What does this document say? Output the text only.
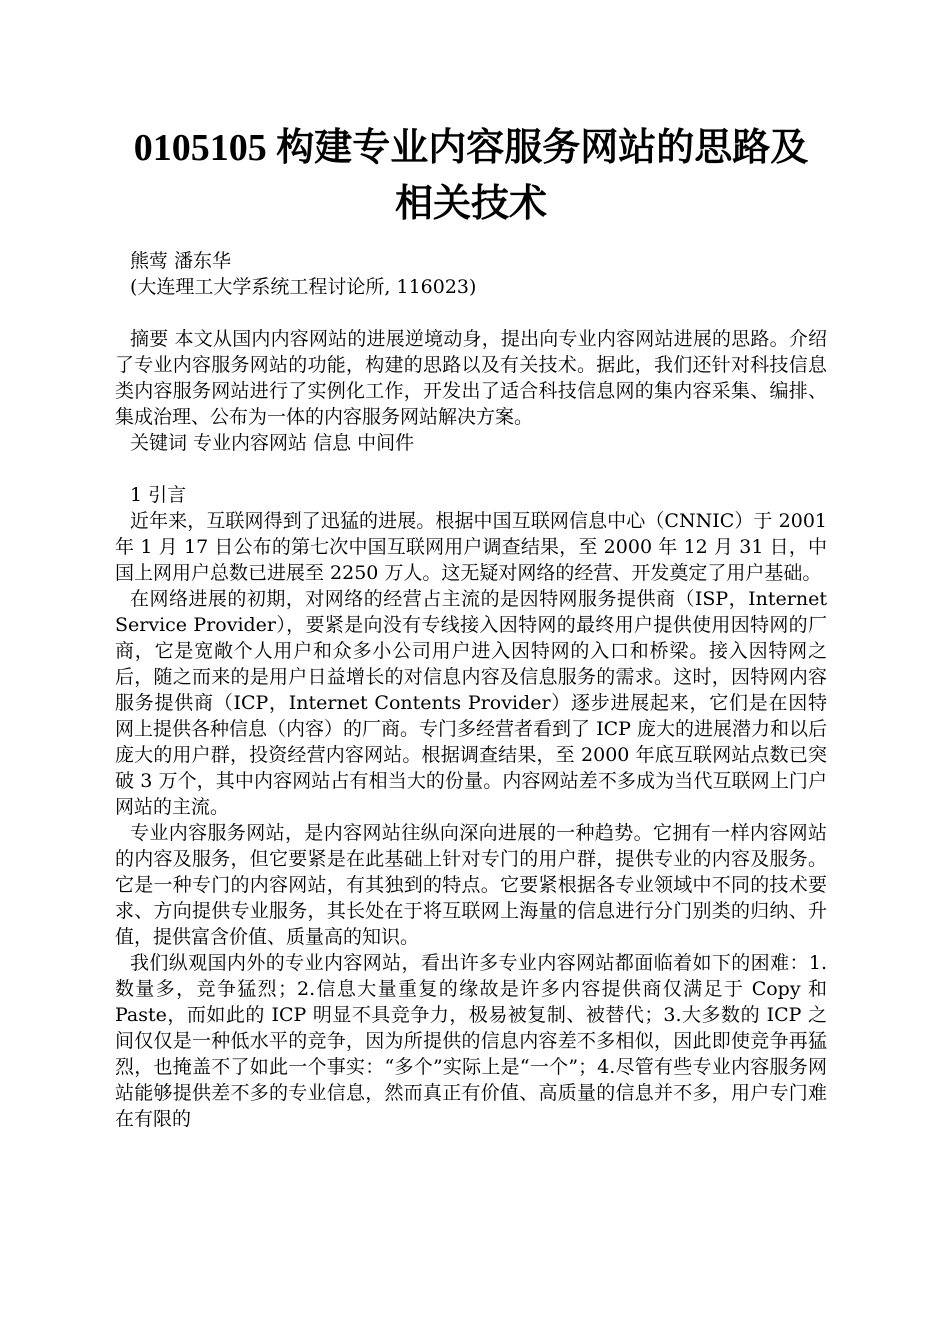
0105105 构建专业内容服务网站的思路及相关技术

熊莺 潘东华

(大连理工大学系统工程讨论所, 116023)

摘要 本文从国内内容网站的进展逆境动身，提出向专业内容网站进展的思路。介绍了专业内容服务网站的功能，构建的思路以及有关技术。据此，我们还针对科技信息类内容服务网站进行了实例化工作，开发出了适合科技信息网的集内容采集、编排、集成治理、公布为一体的内容服务网站解决方案。

关键词 专业内容网站 信息 中间件

1 引言

近年来，互联网得到了迅猛的进展。根据中国互联网信息中心（CNNIC）于 2001 年 1 月 17 日公布的第七次中国互联网用户调查结果，至 2000 年 12 月 31 日，中国上网用户总数已进展至 2250 万人。这无疑对网络的经营、开发奠定了用户基础。

在网络进展的初期，对网络的经营占主流的是因特网服务提供商（ISP，Internet Service Provider），要紧是向没有专线接入因特网的最终用户提供使用因特网的厂商，它是宽敞个人用户和众多小公司用户进入因特网的入口和桥梁。接入因特网之后，随之而来的是用户日益增长的对信息内容及信息服务的需求。这时，因特网内容服务提供商（ICP，Internet Contents Provider）逐步进展起来，它们是在因特网上提供各种信息（内容）的厂商。专门多经营者看到了 ICP 庞大的进展潜力和以后庞大的用户群，投资经营内容网站。根据调查结果，至 2000 年底互联网站点数已突破 3 万个，其中内容网站占有相当大的份量。内容网站差不多成为当代互联网上门户网站的主流。

专业内容服务网站，是内容网站往纵向深向进展的一种趋势。它拥有一样内容网站的内容及服务，但它要紧是在此基础上针对专门的用户群，提供专业的内容及服务。它是一种专门的内容网站，有其独到的特点。它要紧根据各专业领域中不同的技术要求、方向提供专业服务，其长处在于将互联网上海量的信息进行分门别类的归纳、升值，提供富含价值、质量高的知识。

我们纵观国内外的专业内容网站，看出许多专业内容网站都面临着如下的困难：1.数量多，竞争猛烈；2.信息大量重复的缘故是许多内容提供商仅满足于 Copy 和 Paste，而如此的 ICP 明显不具竞争力，极易被复制、被替代；3.大多数的 ICP 之间仅仅是一种低水平的竞争，因为所提供的信息内容差不多相似，因此即使竞争再猛烈，也掩盖不了如此一个事实：“多个”实际上是“一个”；4.尽管有些专业内容服务网站能够提供差不多的专业信息，然而真正有价值、高质量的信息并不多，用户专门难在有限的
